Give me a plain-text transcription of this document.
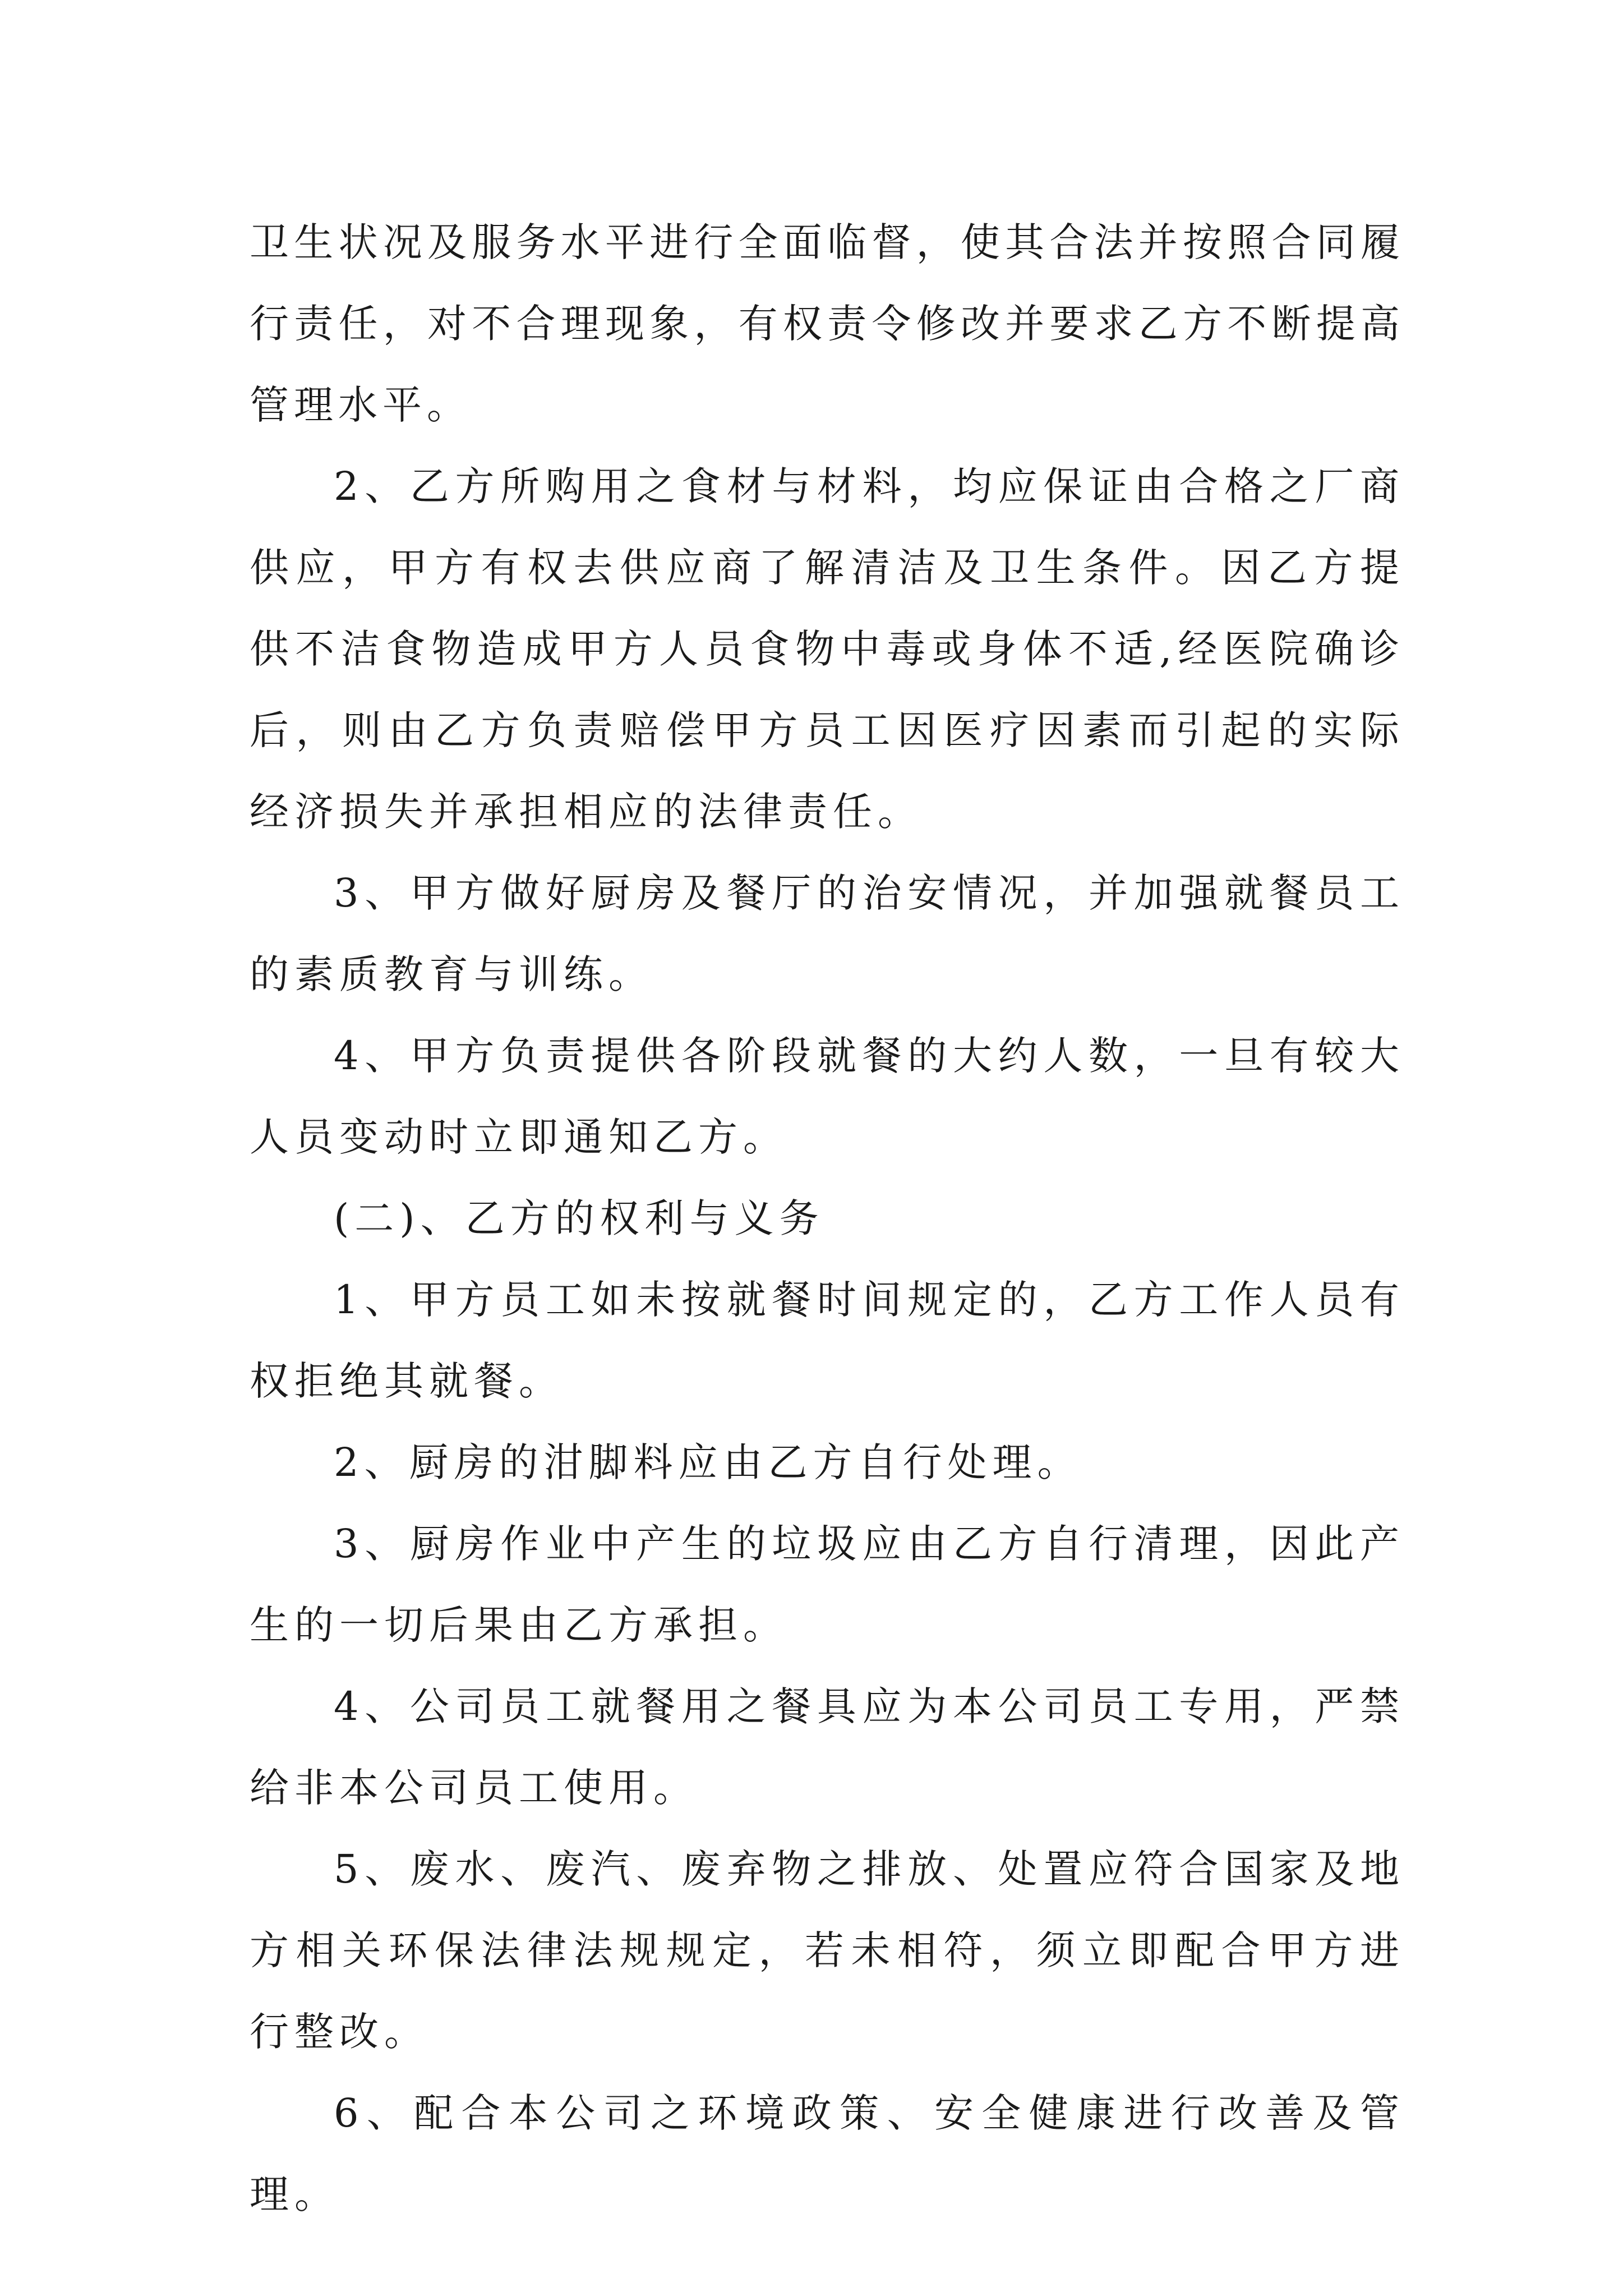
卫生状况及服务水平进行全面临督，使其合法并按照合同履行责任，对不合理现象，有权责令修改并要求乙方不断提高管理水平。

2、乙方所购用之食材与材料，均应保证由合格之厂商供应，甲方有权去供应商了解清洁及卫生条件。因乙方提供不洁食物造成甲方人员食物中毒或身体不适,经医院确诊后，则由乙方负责赔偿甲方员工因医疗因素而引起的实际经济损失并承担相应的法律责任。

3、甲方做好厨房及餐厅的治安情况，并加强就餐员工的素质教育与训练。

4、甲方负责提供各阶段就餐的大约人数，一旦有较大人员变动时立即通知乙方。

(二)、乙方的权利与义务

1、甲方员工如未按就餐时间规定的，乙方工作人员有权拒绝其就餐。

2、厨房的泔脚料应由乙方自行处理。

3、厨房作业中产生的垃圾应由乙方自行清理，因此产生的一切后果由乙方承担。

4、公司员工就餐用之餐具应为本公司员工专用，严禁给非本公司员工使用。

5、废水、废汽、废弃物之排放、处置应符合国家及地方相关环保法律法规规定，若未相符，须立即配合甲方进行整改。

6、配合本公司之环境政策、安全健康进行改善及管理。
